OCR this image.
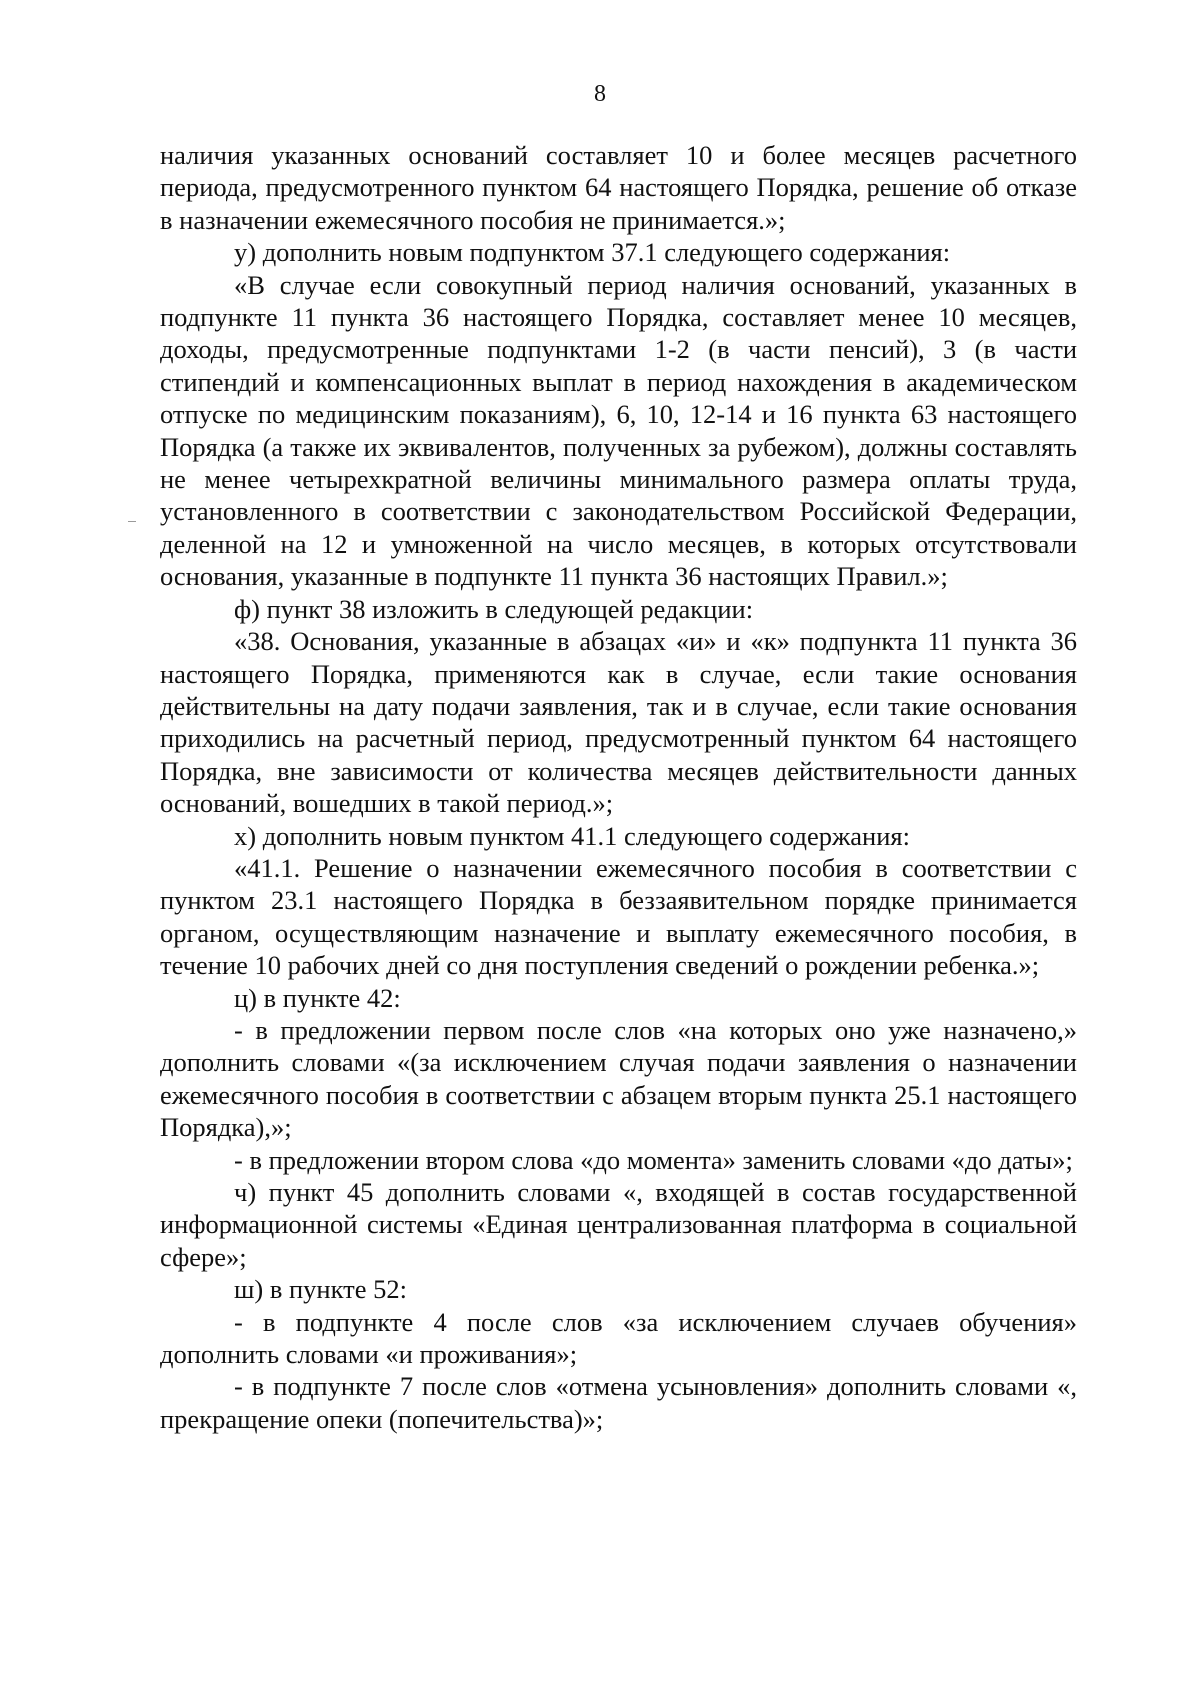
8

наличия указанных оснований составляет 10 и более месяцев расчетного периода, предусмотренного пунктом 64 настоящего Порядка, решение об отказе в назначении ежемесячного пособия не принимается.»;

у) дополнить новым подпунктом 37.1 следующего содержания:

«В случае если совокупный период наличия оснований, указанных в подпункте 11 пункта 36 настоящего Порядка, составляет менее 10 месяцев, доходы, предусмотренные подпунктами 1-2 (в части пенсий), 3 (в части стипендий и компенсационных выплат в период нахождения в академическом отпуске по медицинским показаниям), 6, 10, 12-14 и 16 пункта 63 настоящего Порядка (а также их эквивалентов, полученных за рубежом), должны составлять не менее четырехкратной величины минимального размера оплаты труда, установленного в соответствии с законодательством Российской Федерации, деленной на 12 и умноженной на число месяцев, в которых отсутствовали основания, указанные в подпункте 11 пункта 36 настоящих Правил.»;

ф) пункт 38 изложить в следующей редакции:

«38. Основания, указанные в абзацах «и» и «к» подпункта 11 пункта 36 настоящего Порядка, применяются как в случае, если такие основания действительны на дату подачи заявления, так и в случае, если такие основания приходились на расчетный период, предусмотренный пунктом 64 настоящего Порядка, вне зависимости от количества месяцев действительности данных оснований, вошедших в такой период.»;

х) дополнить новым пунктом 41.1 следующего содержания:

«41.1. Решение о назначении ежемесячного пособия в соответствии с пунктом 23.1 настоящего Порядка в беззаявительном порядке принимается органом, осуществляющим назначение и выплату ежемесячного пособия, в течение 10 рабочих дней со дня поступления сведений о рождении ребенка.»;

ц) в пункте 42:

- в предложении первом после слов «на которых оно уже назначено,» дополнить словами «(за исключением случая подачи заявления о назначении ежемесячного пособия в соответствии с абзацем вторым пункта 25.1 настоящего Порядка),»;

- в предложении втором слова «до момента» заменить словами «до даты»;

ч) пункт 45 дополнить словами «, входящей в состав государственной информационной системы «Единая централизованная платформа в социальной сфере»;

ш) в пункте 52:

- в подпункте 4 после слов «за исключением случаев обучения» дополнить словами «и проживания»;

- в подпункте 7 после слов «отмена усыновления» дополнить словами «, прекращение опеки (попечительства)»;
